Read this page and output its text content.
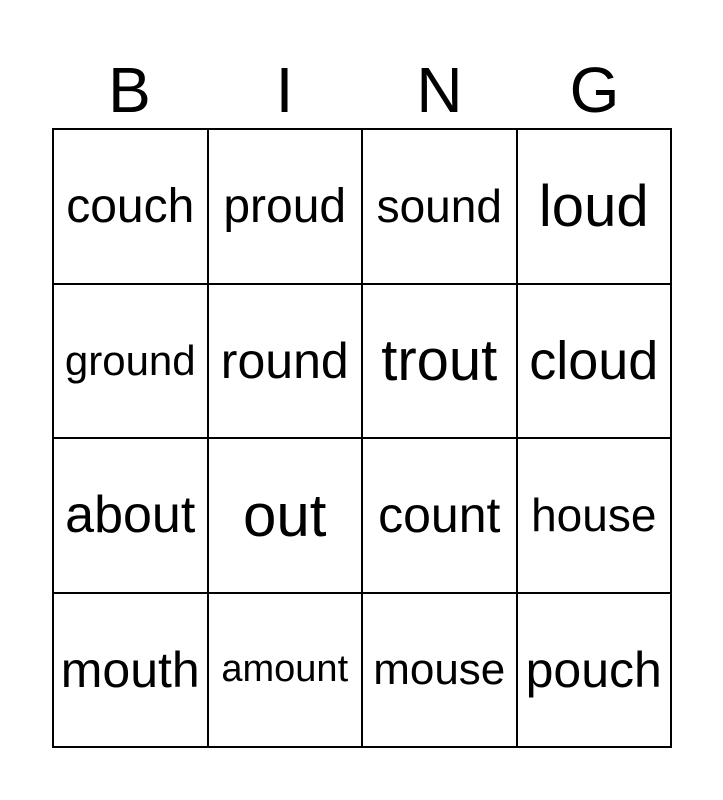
B	I	N	G
couch proud sound loud
ground round trout cloud
about out	count house
mouth amount mouse pouch
